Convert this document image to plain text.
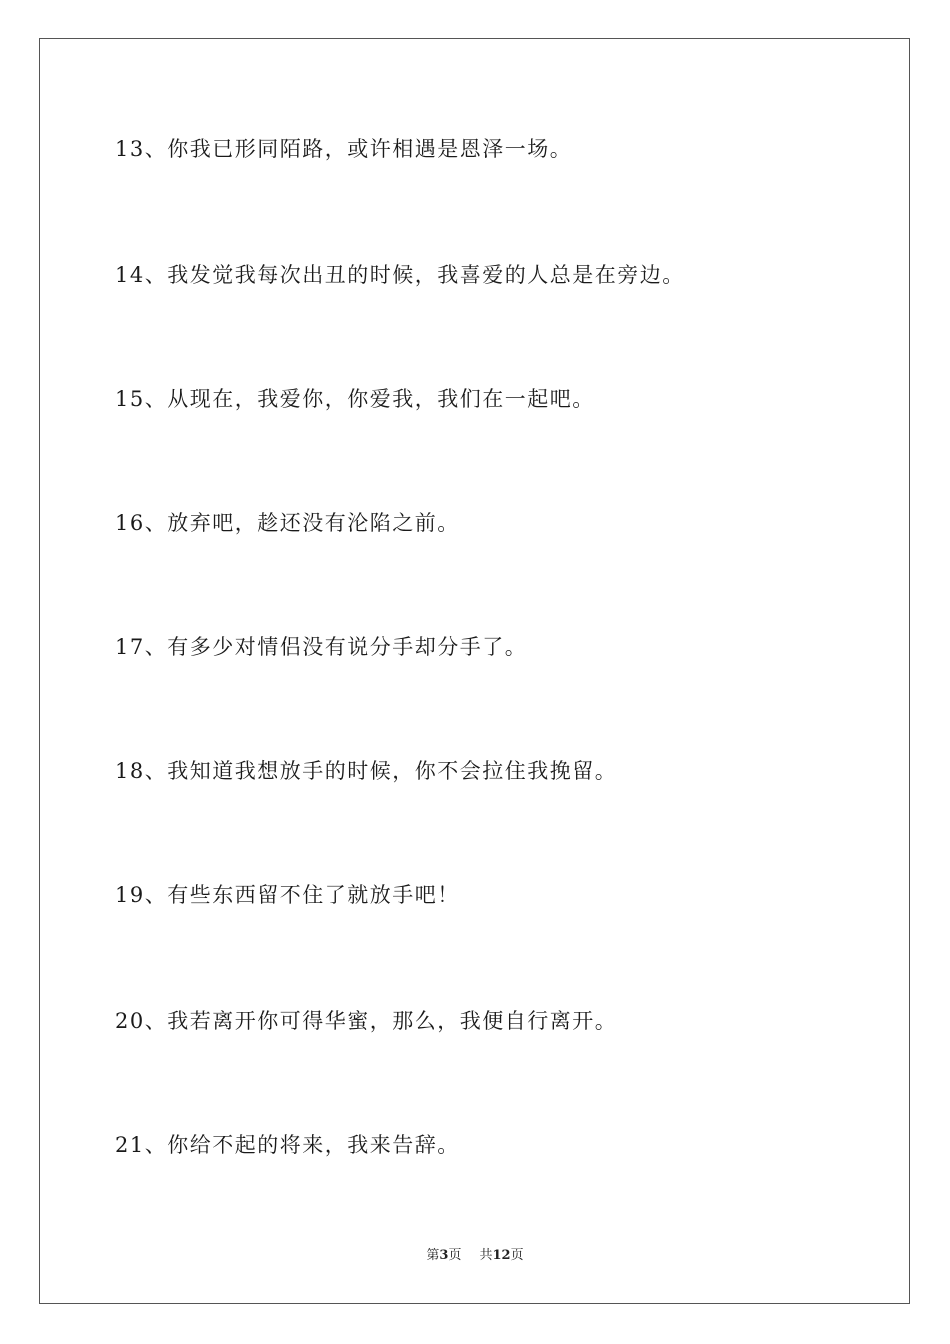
13、你我已形同陌路，或许相遇是恩泽一场。
14、我发觉我每次出丑的时候，我喜爱的人总是在旁边。
15、从现在，我爱你，你爱我，我们在一起吧。
16、放弃吧，趁还没有沦陷之前。
17、有多少对情侣没有说分手却分手了。
18、我知道我想放手的时候，你不会拉住我挽留。
19、有些东西留不住了就放手吧！
20、我若离开你可得华蜜，那么，我便自行离开。
21、你给不起的将来，我来告辞。
第3页 共12页
